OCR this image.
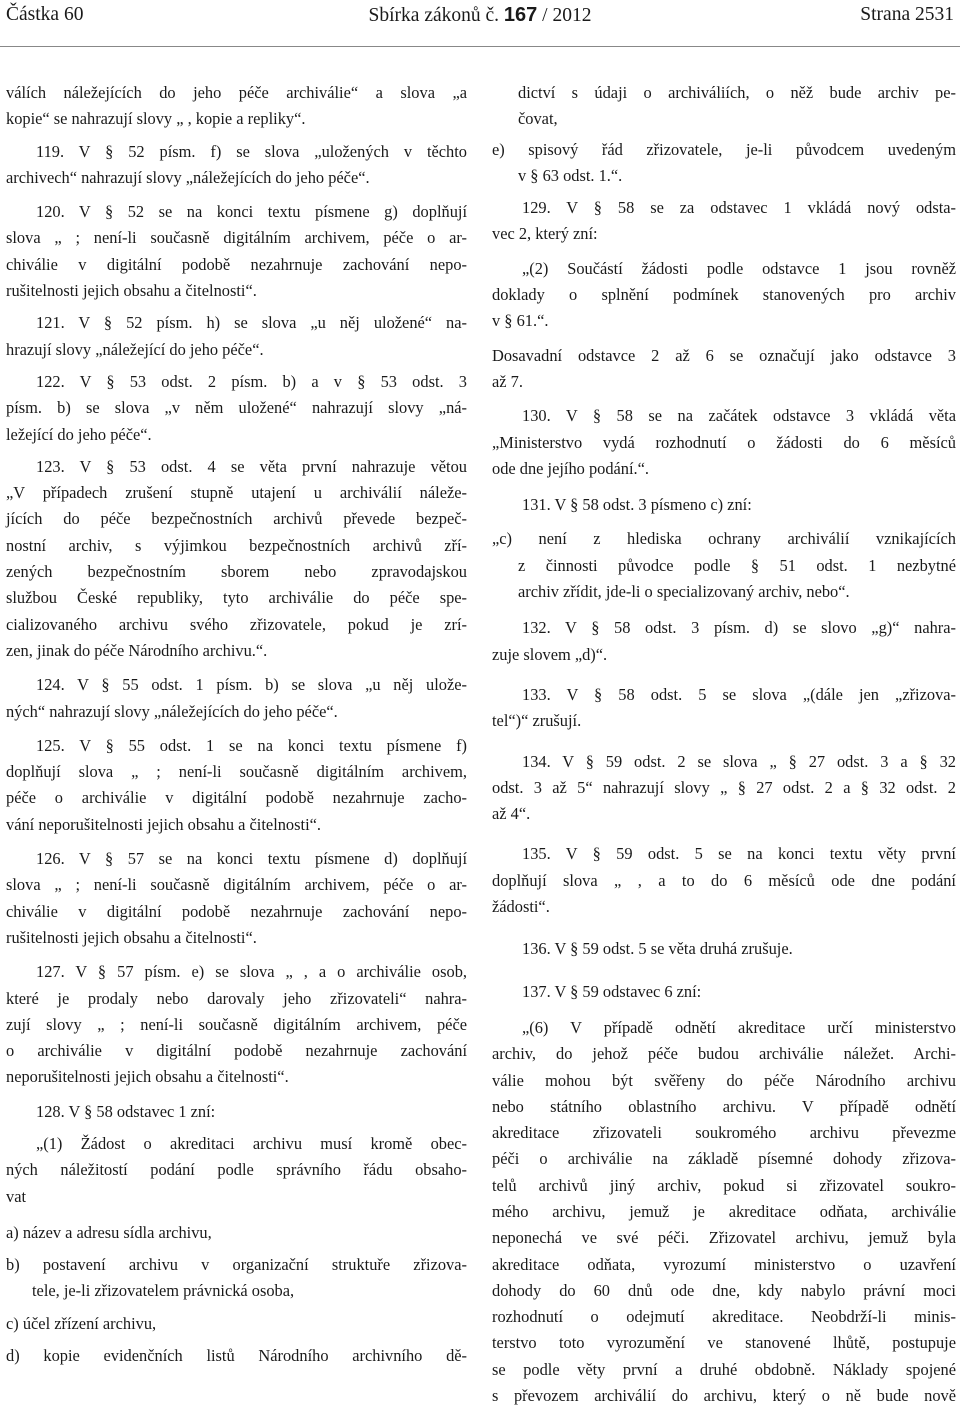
Částka 60	Sbírka zákonů č. 167 / 2012	Strana 2531
válích náležejících do jeho péče archiválie“ a slova „a
kopie“ se nahrazují slovy „ , kopie a repliky“.
119. V § 52 písm. f) se slova „uložených v těchto
archivech“ nahrazují slovy „náležejících do jeho péče“.
120. V § 52 se na konci textu písmene g) doplňují
slova „ ; není-li současně digitálním archivem, péče o ar-
chiválie v digitální podobě nezahrnuje zachování nepo-
rušitelnosti jejich obsahu a čitelnosti“.
121. V § 52 písm. h) se slova „u něj uložené“ na-
hrazují slovy „náležející do jeho péče“.
122. V § 53 odst. 2 písm. b) a v § 53 odst. 3
písm. b) se slova „v něm uložené“ nahrazují slovy „ná-
ležející do jeho péče“.
123. V § 53 odst. 4 se věta první nahrazuje větou
„V případech zrušení stupně utajení u archiválií náleže-
jících do péče bezpečnostních archivů převede bezpeč-
nostní archiv, s výjimkou bezpečnostních archivů zří-
zených bezpečnostním sborem nebo zpravodajskou
službou České republiky, tyto archiválie do péče spe-
cializovaného archivu svého zřizovatele, pokud je zrí-
zen, jinak do péče Národního archivu.“.
124. V § 55 odst. 1 písm. b) se slova „u něj ulože-
ných“ nahrazují slovy „náležejících do jeho péče“.
125. V § 55 odst. 1 se na konci textu písmene f)
doplňují slova „ ; není-li současně digitálním archivem,
péče o archiválie v digitální podobě nezahrnuje zacho-
vání neporušitelnosti jejich obsahu a čitelnosti“.
126. V § 57 se na konci textu písmene d) doplňují
slova „ ; není-li současně digitálním archivem, péče o ar-
chiválie v digitální podobě nezahrnuje zachování nepo-
rušitelnosti jejich obsahu a čitelnosti“.
127. V § 57 písm. e) se slova „ , a o archiválie osob,
které je prodaly nebo darovaly jeho zřizovateli“ nahra-
zují slovy „ ; není-li současně digitálním archivem, péče
o archiválie v digitální podobě nezahrnuje zachování
neporušitelnosti jejich obsahu a čitelnosti“.
128. V § 58 odstavec 1 zní:
„(1) Žádost o akreditaci archivu musí kromě obec-
ných náležitostí podání podle správního řádu obsaho-
vat
a) název a adresu sídla archivu,
b) postavení archivu v organizační struktuře zřizova-
tele, je-li zřizovatelem právnická osoba,
c) účel zřízení archivu,
d) kopie evidenčních listů Národního archivního dě-
dictví s údaji o archiváliích, o něž bude archiv pe-
čovat,
e) spisový řád zřizovatele, je-li původcem uvedeným
v § 63 odst. 1.“.
129. V § 58 se za odstavec 1 vkládá nový odsta-
vec 2, který zní:
„(2) Součástí žádosti podle odstavce 1 jsou rovněž
doklady o splnění podmínek stanovených pro archiv
v § 61.“.
Dosavadní odstavce 2 až 6 se označují jako odstavce 3
až 7.
130. V § 58 se na začátek odstavce 3 vkládá věta
„Ministerstvo vydá rozhodnutí o žádosti do 6 měsíců
ode dne jejího podání.“.
131. V § 58 odst. 3 písmeno c) zní:
„c) není z hlediska ochrany archiválií vznikajících
z činnosti původce podle § 51 odst. 1 nezbytné
archiv zřídit, jde-li o specializovaný archiv, nebo“.
132. V § 58 odst. 3 písm. d) se slovo „g)“ nahra-
zuje slovem „d)“.
133. V § 58 odst. 5 se slova „(dále jen „zřizova-
tel“)“ zrušují.
134. V § 59 odst. 2 se slova „ § 27 odst. 3 a § 32
odst. 3 až 5“ nahrazují slovy „ § 27 odst. 2 a § 32 odst. 2
až 4“.
135. V § 59 odst. 5 se na konci textu věty první
doplňují slova „ , a to do 6 měsíců ode dne podání
žádosti“.
136. V § 59 odst. 5 se věta druhá zrušuje.
137. V § 59 odstavec 6 zní:
„(6) V případě odnětí akreditace určí ministerstvo
archiv, do jehož péče budou archiválie náležet. Archi-
válie mohou být svěřeny do péče Národního archivu
nebo státního oblastního archivu. V případě odnětí
akreditace zřizovateli soukromého archivu převezme
péči o archiválie na základě písemné dohody zřizova-
telů archivů jiný archiv, pokud si zřizovatel soukro-
mého archivu, jemuž je akreditace odňata, archiválie
neponechá ve své péči. Zřizovatel archivu, jemuž byla
akreditace odňata, vyrozumí ministerstvo o uzavření
dohody do 60 dnů ode dne, kdy nabylo právní moci
rozhodnutí o odejmutí akreditace. Neobdrží-li minis-
terstvo toto vyrozumění ve stanovené lhůtě, postupuje
se podle věty první a druhé obdobně. Náklady spojené
s převozem archiválií do archivu, který o ně bude nově
